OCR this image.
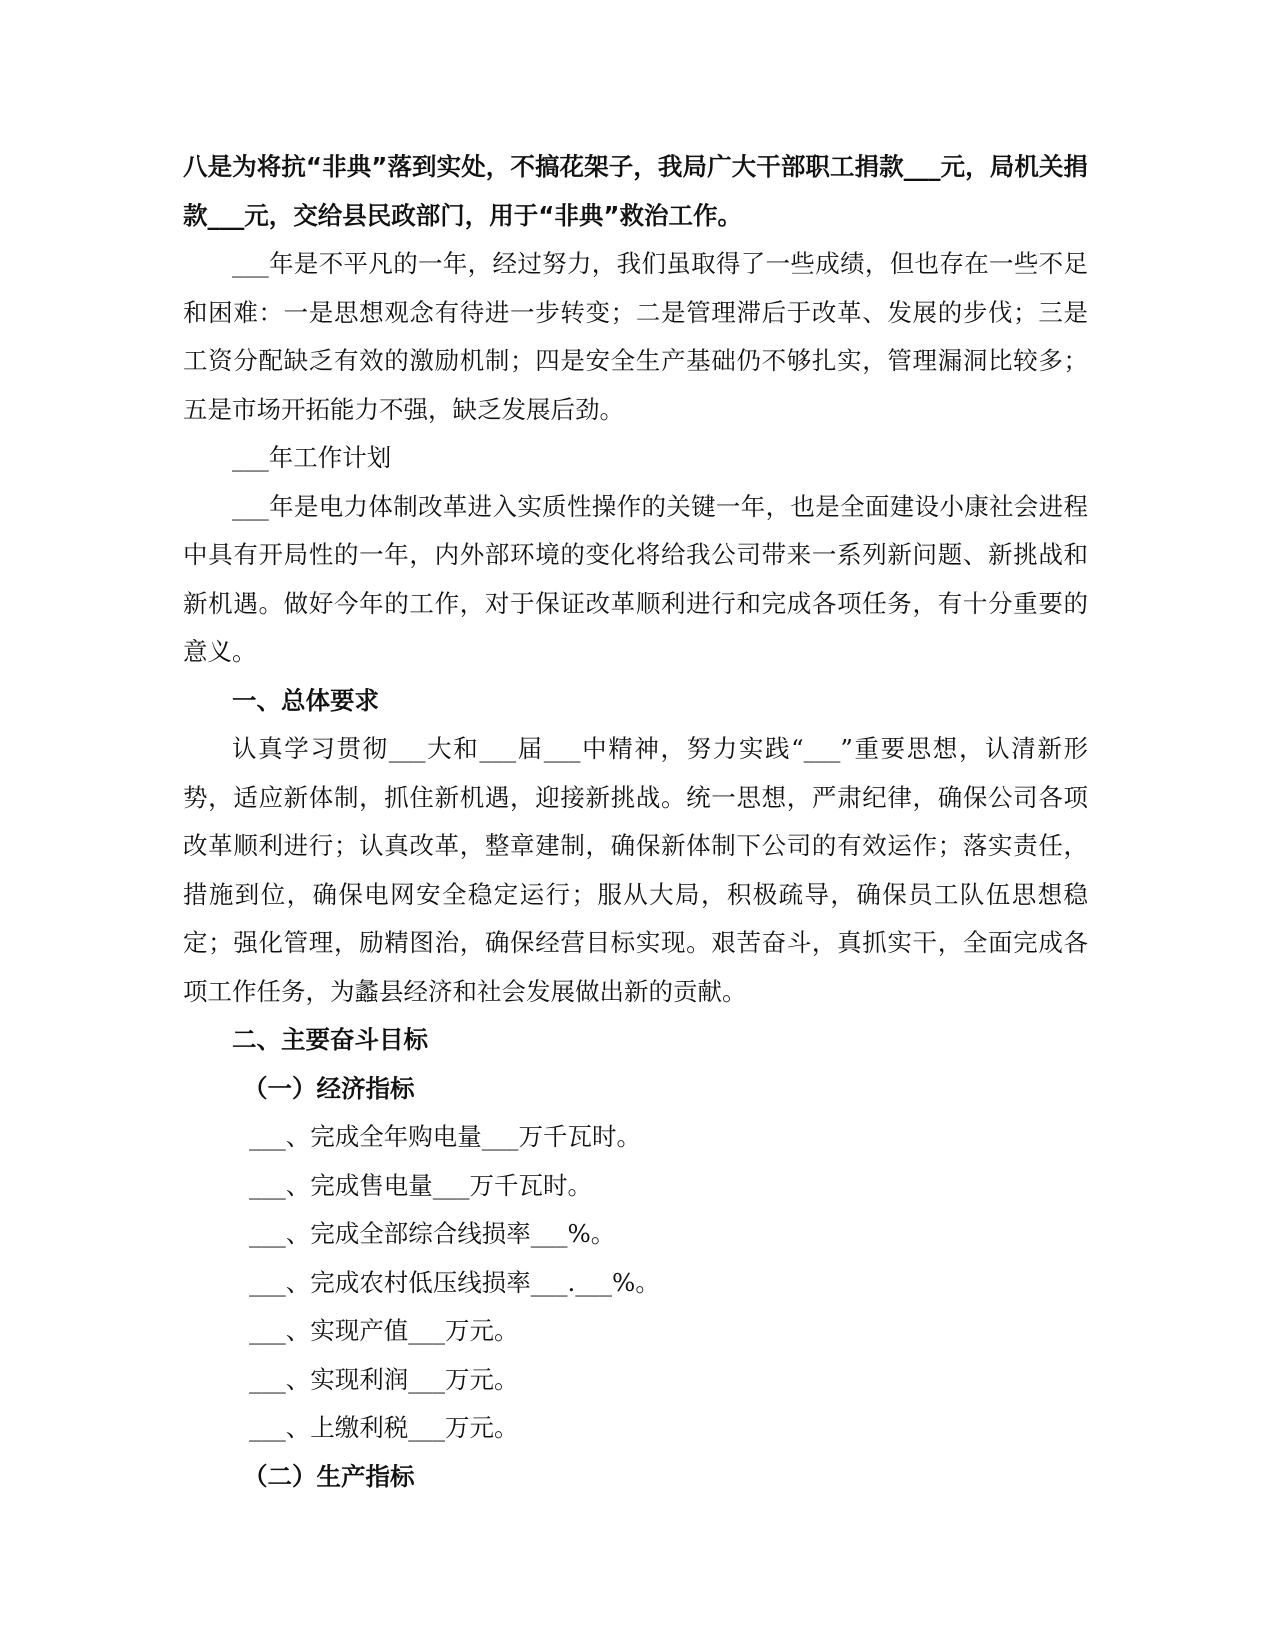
八是为将抗“非典”落到实处，不搞花架子，我局广大干部职工捐款___元，局机关捐款___元，交给县民政部门，用于“非典”救治工作。

___年是不平凡的一年，经过努力，我们虽取得了一些成绩，但也存在一些不足和困难：一是思想观念有待进一步转变；二是管理滞后于改革、发展的步伐；三是工资分配缺乏有效的激励机制；四是安全生产基础仍不够扎实，管理漏洞比较多；五是市场开拓能力不强，缺乏发展后劲。

___年工作计划

___年是电力体制改革进入实质性操作的关键一年，也是全面建设小康社会进程中具有开局性的一年，内外部环境的变化将给我公司带来一系列新问题、新挑战和新机遇。做好今年的工作，对于保证改革顺利进行和完成各项任务，有十分重要的意义。

一、总体要求

认真学习贯彻___大和___届___中精神，努力实践“___”重要思想，认清新形势，适应新体制，抓住新机遇，迎接新挑战。统一思想，严肃纪律，确保公司各项改革顺利进行；认真改革，整章建制，确保新体制下公司的有效运作；落实责任，措施到位，确保电网安全稳定运行；服从大局，积极疏导，确保员工队伍思想稳定；强化管理，励精图治，确保经营目标实现。艰苦奋斗，真抓实干，全面完成各项工作任务，为蠡县经济和社会发展做出新的贡献。

二、主要奋斗目标

（一）经济指标

___、完成全年购电量___万千瓦时。

___、完成售电量___万千瓦时。

___、完成全部综合线损率___%。

___、完成农村低压线损率___.___%。

___、实现产值___万元。

___、实现利润___万元。

___、上缴利税___万元。

（二）生产指标
